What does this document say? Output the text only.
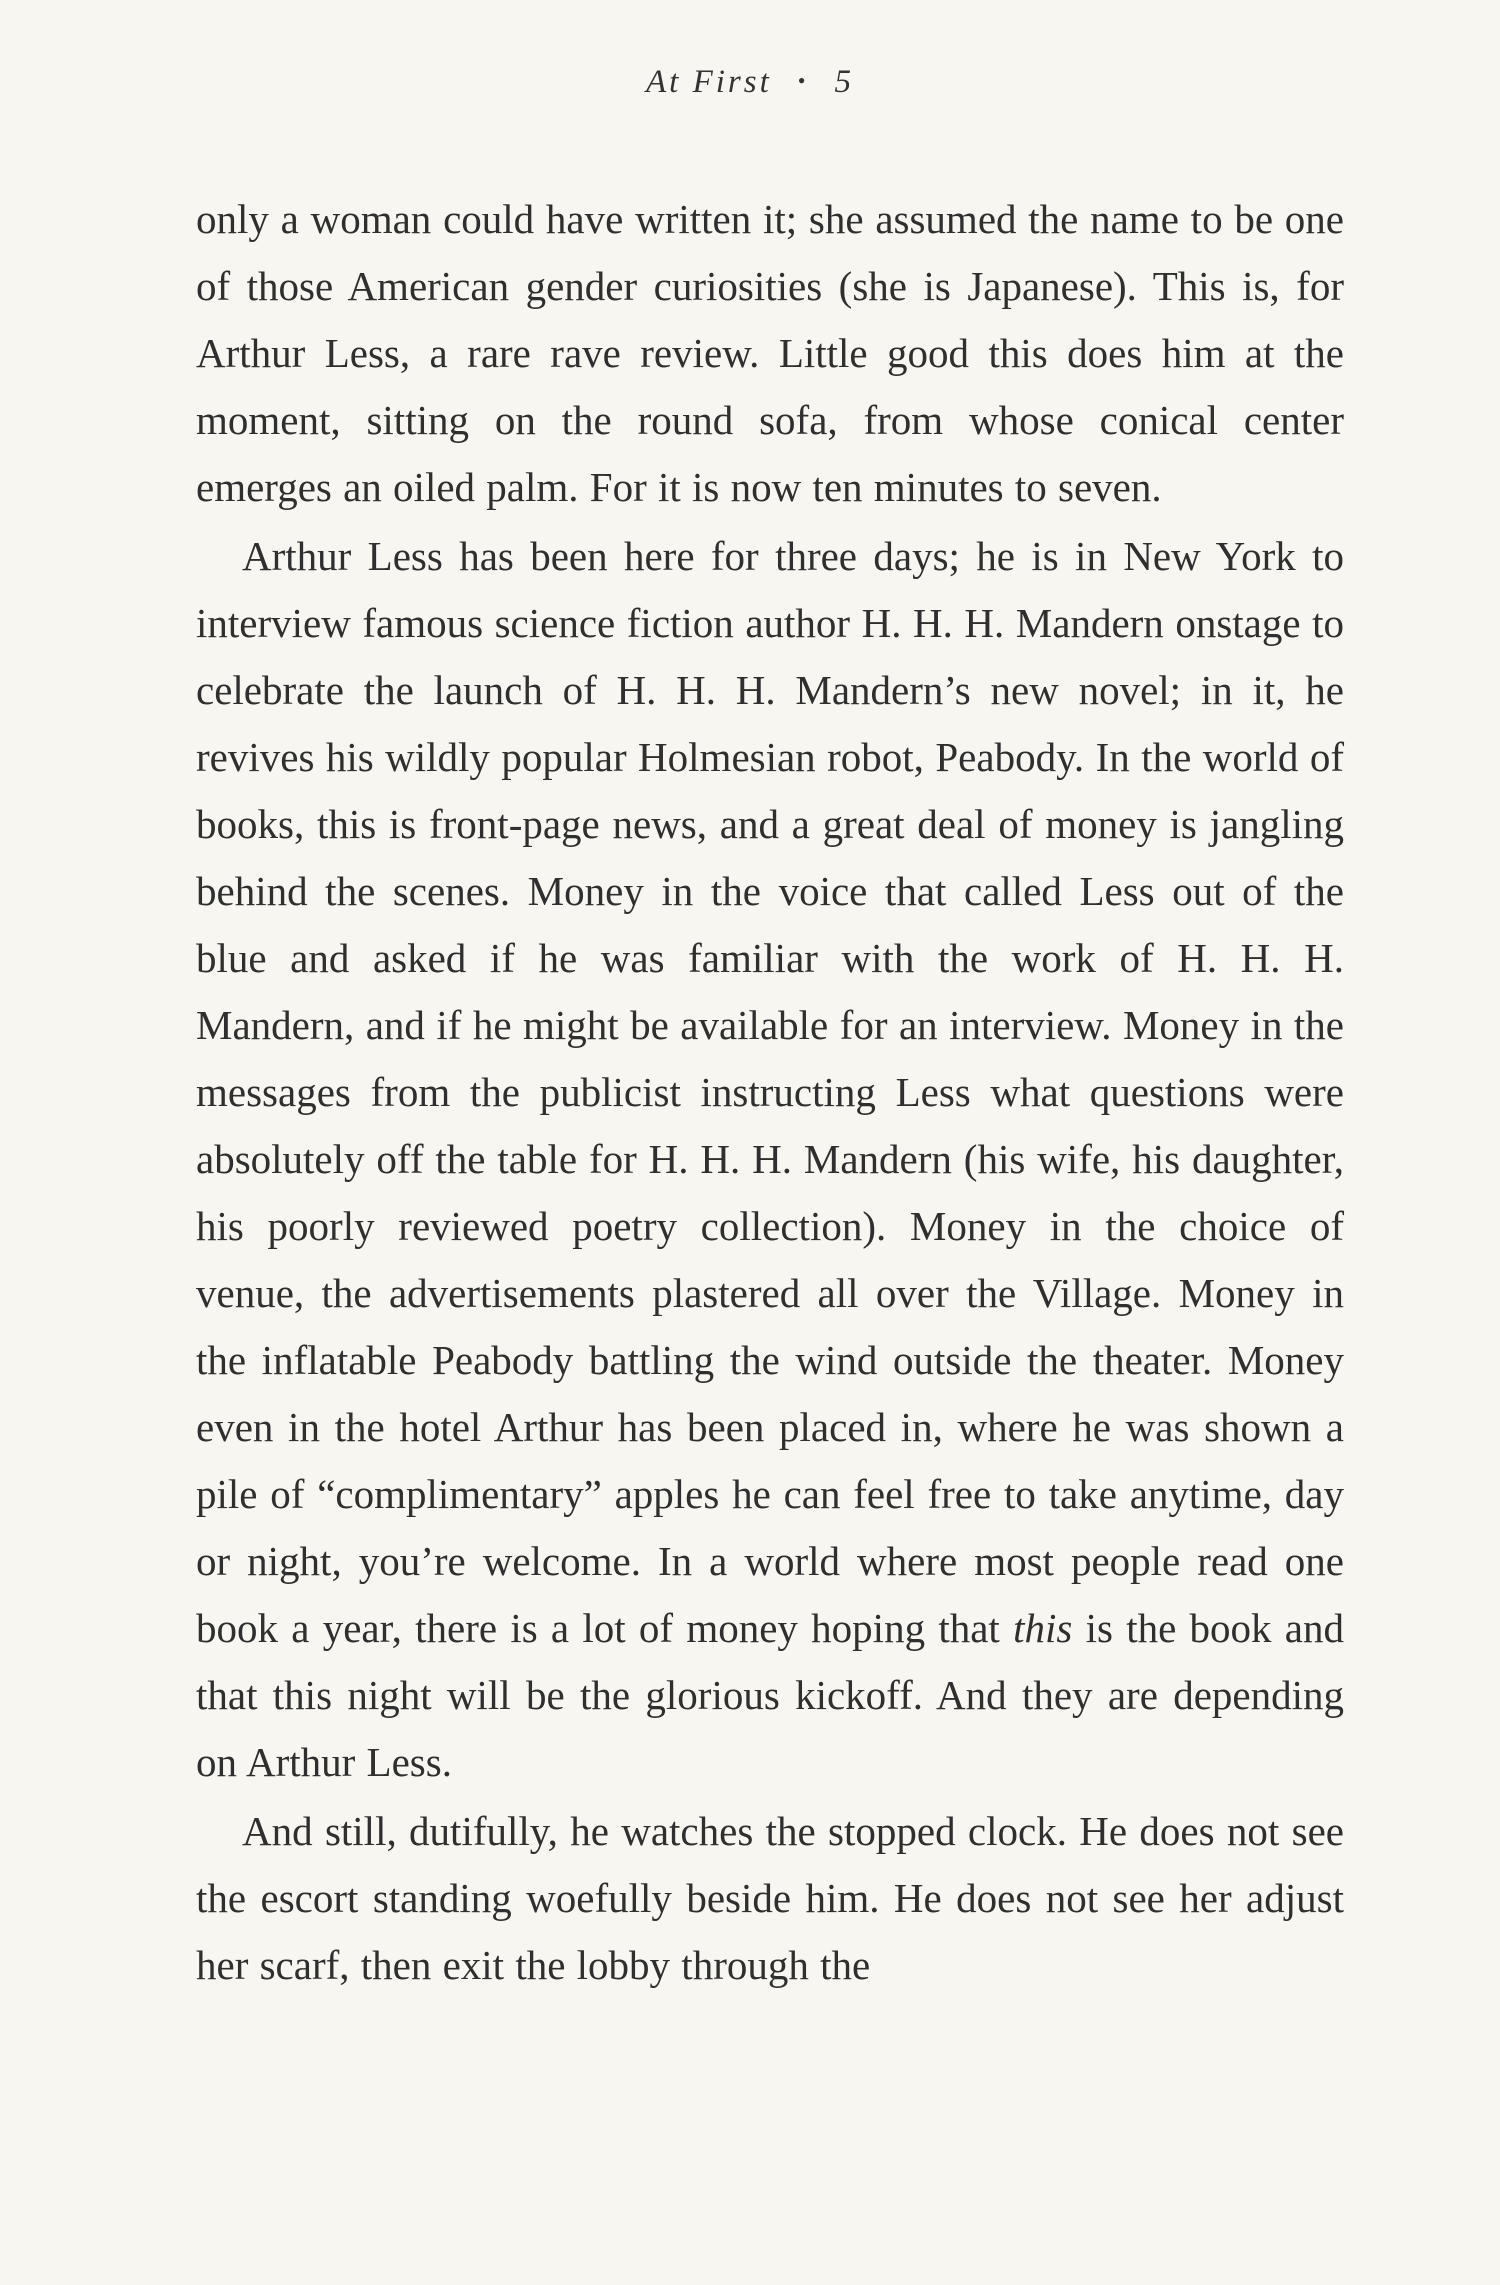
At First • 5

only a woman could have written it; she assumed the name to be one of those American gender curiosities (she is Japanese). This is, for Arthur Less, a rare rave review. Little good this does him at the moment, sitting on the round sofa, from whose conical center emerges an oiled palm. For it is now ten minutes to seven.

Arthur Less has been here for three days; he is in New York to interview famous science fiction author H. H. H. Mandern onstage to celebrate the launch of H. H. H. Mandern’s new novel; in it, he revives his wildly popular Holmesian robot, Peabody. In the world of books, this is front-page news, and a great deal of money is jangling behind the scenes. Money in the voice that called Less out of the blue and asked if he was familiar with the work of H. H. H. Mandern, and if he might be available for an interview. Money in the messages from the publicist instructing Less what questions were absolutely off the table for H. H. H. Mandern (his wife, his daughter, his poorly reviewed poetry collection). Money in the choice of venue, the advertisements plastered all over the Village. Money in the inflatable Peabody battling the wind outside the theater. Money even in the hotel Arthur has been placed in, where he was shown a pile of “complimentary” apples he can feel free to take anytime, day or night, you’re welcome. In a world where most people read one book a year, there is a lot of money hoping that this is the book and that this night will be the glorious kickoff. And they are depending on Arthur Less.

And still, dutifully, he watches the stopped clock. He does not see the escort standing woefully beside him. He does not see her adjust her scarf, then exit the lobby through the
